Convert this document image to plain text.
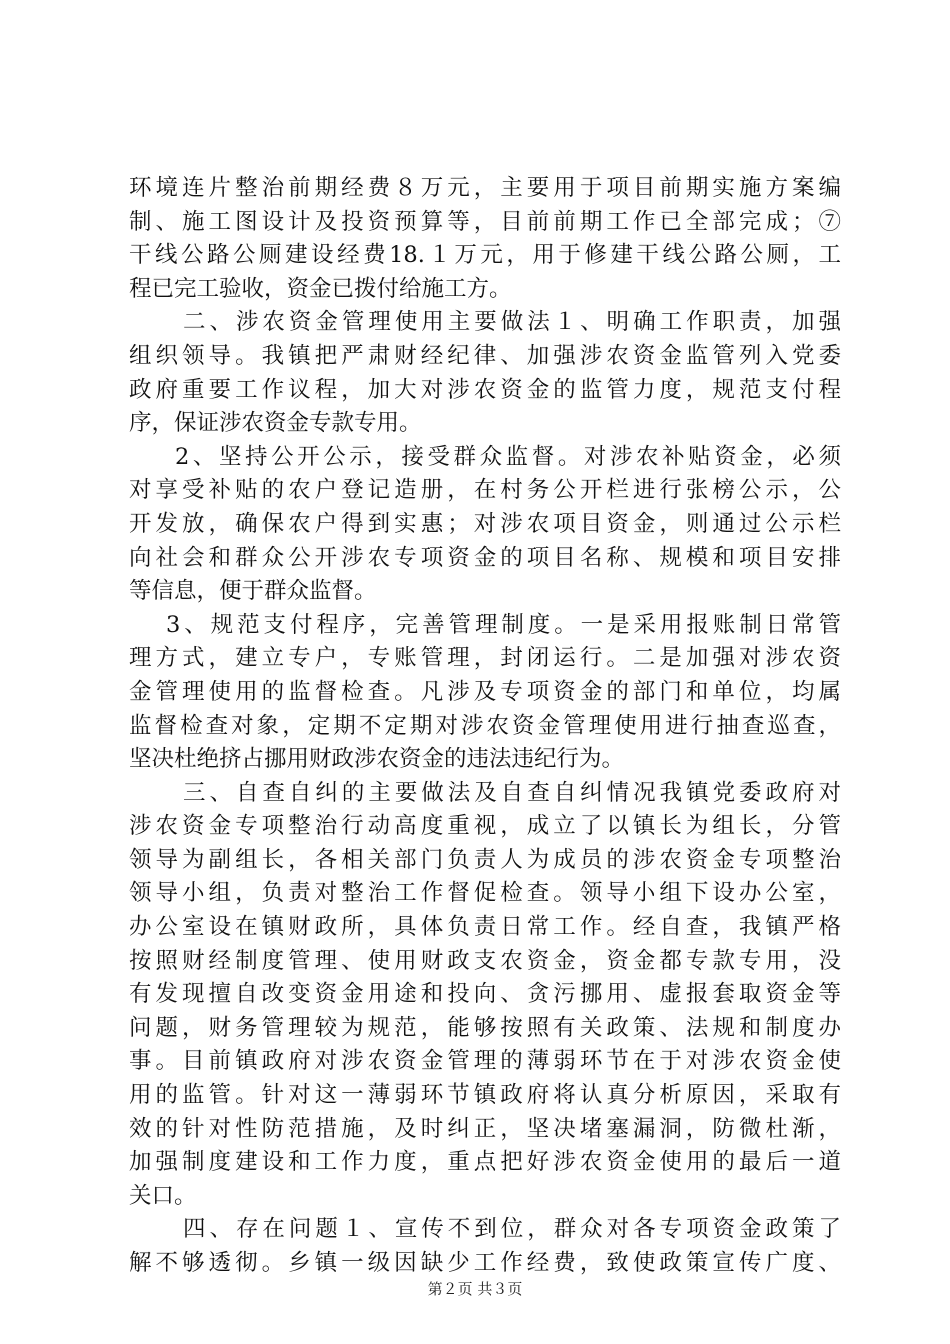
环境连片整治前期经费８万元，主要用于项目前期实施方案编
制、施工图设计及投资预算等，目前前期工作已全部完成；⑦
干线公路公厕建设经费18.１万元，用于修建干线公路公厕，工
程已完工验收，资金已拨付给施工方。
二、涉农资金管理使用主要做法１、明确工作职责，加强
组织领导。我镇把严肃财经纪律、加强涉农资金监管列入党委
政府重要工作议程，加大对涉农资金的监管力度，规范支付程
序，保证涉农资金专款专用。
2、坚持公开公示，接受群众监督。对涉农补贴资金，必须
对享受补贴的农户登记造册，在村务公开栏进行张榜公示，公
开发放，确保农户得到实惠；对涉农项目资金，则通过公示栏
向社会和群众公开涉农专项资金的项目名称、规模和项目安排
等信息，便于群众监督。
3、规范支付程序，完善管理制度。一是采用报账制日常管
理方式，建立专户，专账管理，封闭运行。二是加强对涉农资
金管理使用的监督检查。凡涉及专项资金的部门和单位，均属
监督检查对象，定期不定期对涉农资金管理使用进行抽查巡查，
坚决杜绝挤占挪用财政涉农资金的违法违纪行为。
三、自查自纠的主要做法及自查自纠情况我镇党委政府对
涉农资金专项整治行动高度重视，成立了以镇长为组长，分管
领导为副组长，各相关部门负责人为成员的涉农资金专项整治
领导小组，负责对整治工作督促检查。领导小组下设办公室，
办公室设在镇财政所，具体负责日常工作。经自查，我镇严格
按照财经制度管理、使用财政支农资金，资金都专款专用，没
有发现擅自改变资金用途和投向、贪污挪用、虚报套取资金等
问题，财务管理较为规范，能够按照有关政策、法规和制度办
事。目前镇政府对涉农资金管理的薄弱环节在于对涉农资金使
用的监管。针对这一薄弱环节镇政府将认真分析原因，采取有
效的针对性防范措施，及时纠正，坚决堵塞漏洞，防微杜渐，
加强制度建设和工作力度，重点把好涉农资金使用的最后一道
关口。
四、存在问题１、宣传不到位，群众对各专项资金政策了
解不够透彻。乡镇一级因缺少工作经费，致使政策宣传广度、
第２页 共３页
